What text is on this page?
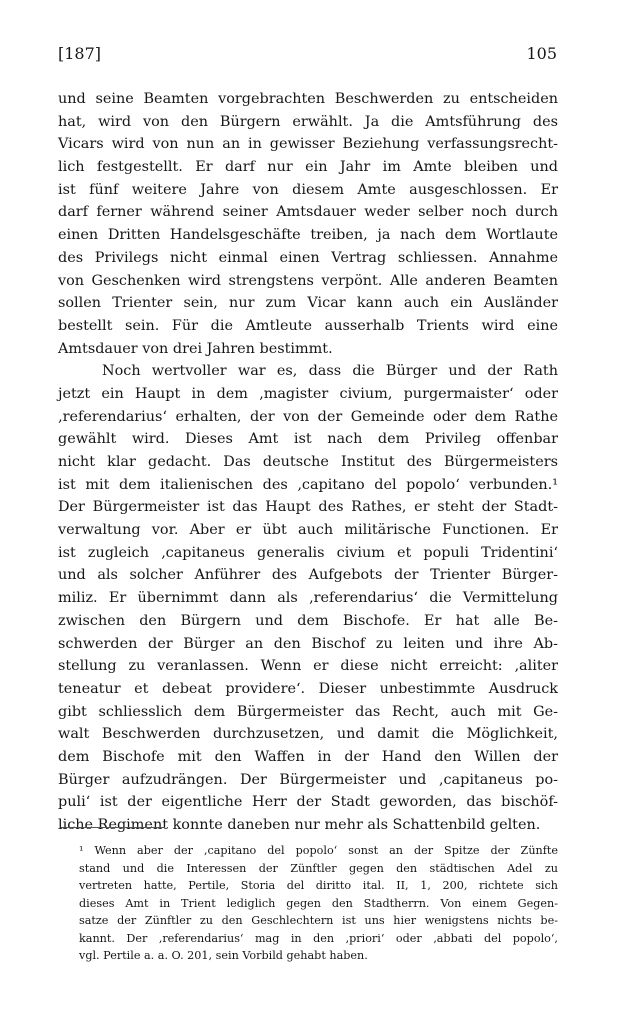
[187]	105
und seine Beamten vorgebrachten Beschwerden zu entscheiden
hat, wird von den Bürgern erwählt. Ja die Amtsführung des
Vicars wird von nun an in gewisser Beziehung verfassungsrecht-
lich festgestellt. Er darf nur ein Jahr im Amte bleiben und
ist fünf weitere Jahre von diesem Amte ausgeschlossen. Er
darf ferner während seiner Amtsdauer weder selber noch durch
einen Dritten Handelsgeschäfte treiben, ja nach dem Wortlaute
des Privilegs nicht einmal einen Vertrag schliessen. Annahme
von Geschenken wird strengstens verpönt. Alle anderen Beamten
sollen Trienter sein, nur zum Vicar kann auch ein Ausländer
bestellt sein. Für die Amtleute ausserhalb Trients wird eine
Amtsdauer von drei Jahren bestimmt.
Noch wertvoller war es, dass die Bürger und der Rath
jetzt ein Haupt in dem ‚magister civium, purgermaister‘ oder
‚referendarius‘ erhalten, der von der Gemeinde oder dem Rathe
gewählt wird. Dieses Amt ist nach dem Privileg offenbar
nicht klar gedacht. Das deutsche Institut des Bürgermeisters
ist mit dem italienischen des ‚capitano del popolo‘ verbunden.¹
Der Bürgermeister ist das Haupt des Rathes, er steht der Stadt-
verwaltung vor. Aber er übt auch militärische Functionen. Er
ist zugleich ‚capitaneus generalis civium et populi Tridentini‘
und als solcher Anführer des Aufgebots der Trienter Bürger-
miliz. Er übernimmt dann als ‚referendarius‘ die Vermittelung
zwischen den Bürgern und dem Bischofe. Er hat alle Be-
schwerden der Bürger an den Bischof zu leiten und ihre Ab-
stellung zu veranlassen. Wenn er diese nicht erreicht: ‚aliter
teneatur et debeat providere‘. Dieser unbestimmte Ausdruck
gibt schliesslich dem Bürgermeister das Recht, auch mit Ge-
walt Beschwerden durchzusetzen, und damit die Möglichkeit,
dem Bischofe mit den Waffen in der Hand den Willen der
Bürger aufzudrängen. Der Bürgermeister und ‚capitaneus po-
puli‘ ist der eigentliche Herr der Stadt geworden, das bischöf-
liche Regiment konnte daneben nur mehr als Schattenbild gelten.
¹ Wenn aber der ‚capitano del popolo‘ sonst an der Spitze der Zünfte
stand und die Interessen der Zünftler gegen den städtischen Adel zu
vertreten hatte, Pertile, Storia del diritto ital. II, 1, 200, richtete sich
dieses Amt in Trient lediglich gegen den Stadtherrn. Von einem Gegen-
satze der Zünftler zu den Geschlechtern ist uns hier wenigstens nichts be-
kannt. Der ‚referendarius‘ mag in den ‚priori‘ oder ‚abbati del popolo‘,
vgl. Pertile a. a. O. 201, sein Vorbild gehabt haben.
